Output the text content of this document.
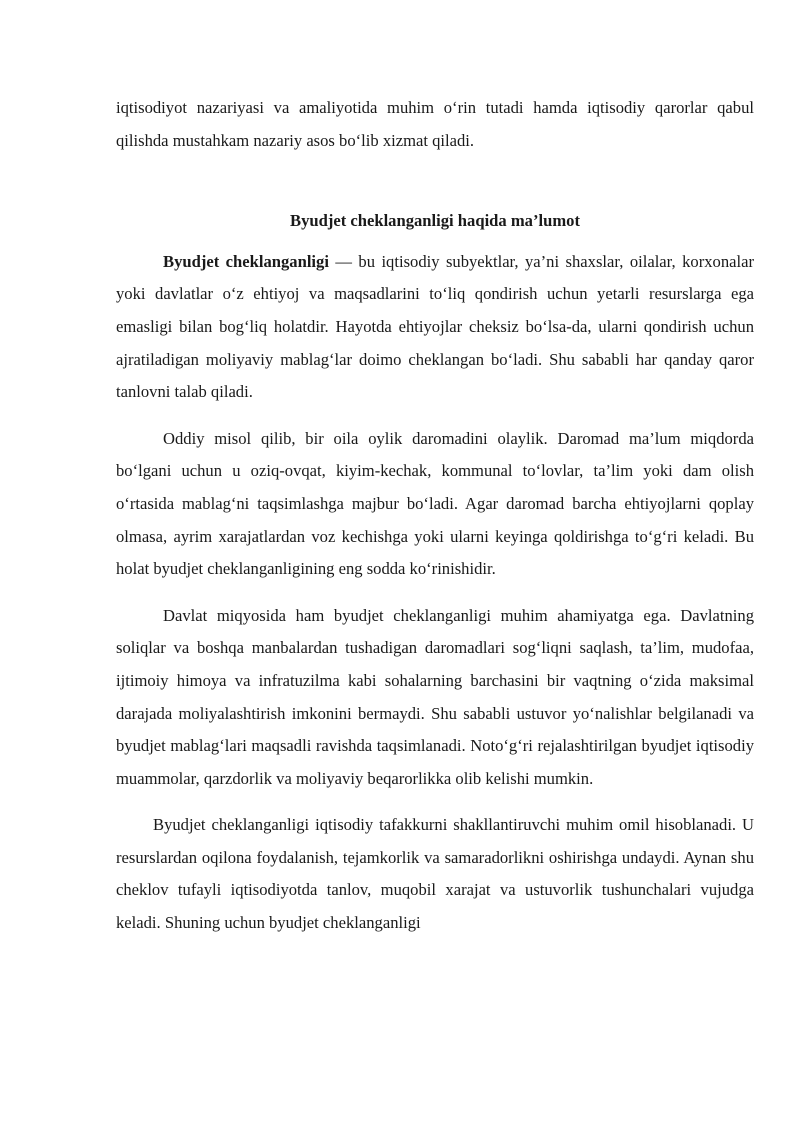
iqtisodiyot nazariyasi va amaliyotida muhim o‘rin tutadi hamda iqtisodiy qarorlar qabul qilishda mustahkam nazariy asos bo‘lib xizmat qiladi.

Byudjet cheklanganligi haqida ma’lumot

Byudjet cheklanganligi — bu iqtisodiy subyektlar, ya’ni shaxslar, oilalar, korxonalar yoki davlatlar o‘z ehtiyoj va maqsadlarini to‘liq qondirish uchun yetarli resurslarga ega emasligi bilan bog‘liq holatdir. Hayotda ehtiyojlar cheksiz bo‘lsa-da, ularni qondirish uchun ajratiladigan moliyaviy mablag‘lar doimo cheklangan bo‘ladi. Shu sababli har qanday qaror tanlovni talab qiladi.

Oddiy misol qilib, bir oila oylik daromadini olaylik. Daromad ma’lum miqdorda bo‘lgani uchun u oziq-ovqat, kiyim-kechak, kommunal to‘lovlar, ta’lim yoki dam olish o‘rtasida mablag‘ni taqsimlashga majbur bo‘ladi. Agar daromad barcha ehtiyojlarni qoplay olmasa, ayrim xarajatlardan voz kechishga yoki ularni keyinga qoldirishga to‘g‘ri keladi. Bu holat byudjet cheklanganligining eng sodda ko‘rinishidir.

Davlat miqyosida ham byudjet cheklanganligi muhim ahamiyatga ega. Davlatning soliqlar va boshqa manbalardan tushadigan daromadlari sog‘liqni saqlash, ta’lim, mudofaa, ijtimoiy himoya va infratuzilma kabi sohalarning barchasini bir vaqtning o‘zida maksimal darajada moliyalashtirish imkonini bermaydi. Shu sababli ustuvor yo‘nalishlar belgilanadi va byudjet mablag‘lari maqsadli ravishda taqsimlanadi. Noto‘g‘ri rejalashtirilgan byudjet iqtisodiy muammolar, qarzdorlik va moliyaviy beqarorlikka olib kelishi mumkin.

Byudjet cheklanganligi iqtisodiy tafakkurni shakllantiruvchi muhim omil hisoblanadi. U resurslardan oqilona foydalanish, tejamkorlik va samaradorlikni oshirishga undaydi. Aynan shu cheklov tufayli iqtisodiyotda tanlov, muqobil xarajat va ustuvorlik tushunchalari vujudga keladi. Shuning uchun byudjet cheklanganligi
